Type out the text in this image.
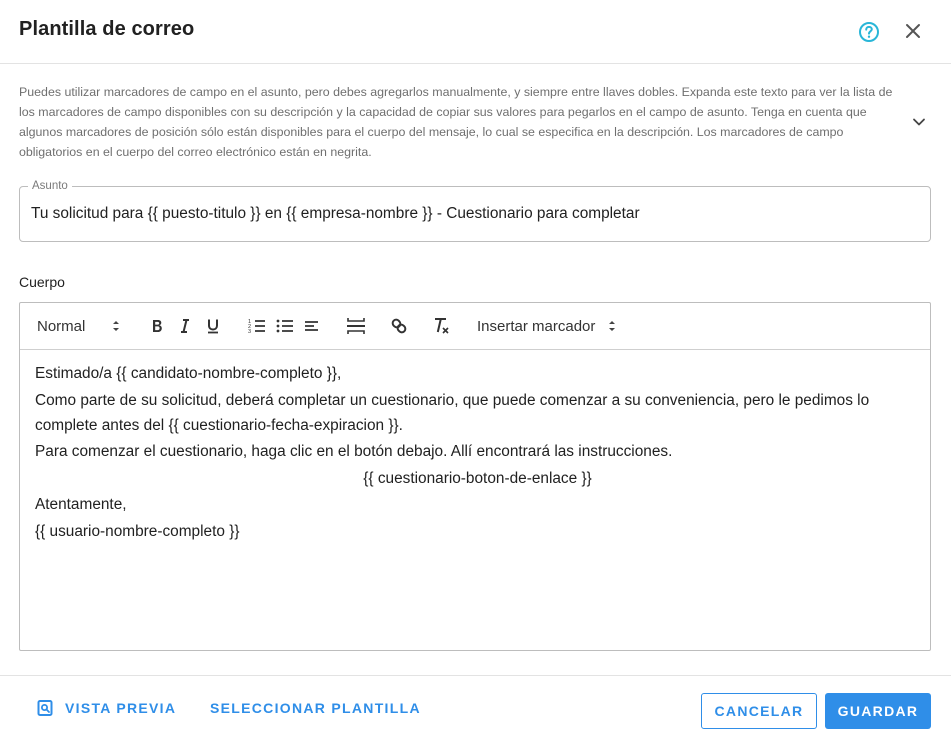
Plantilla de correo
Puedes utilizar marcadores de campo en el asunto, pero debes agregarlos manualmente, y siempre entre llaves dobles. Expanda este texto para ver la lista de los marcadores de campo disponibles con su descripción y la capacidad de copiar sus valores para pegarlos en el campo de asunto. Tenga en cuenta que algunos marcadores de posición sólo están disponibles para el cuerpo del mensaje, lo cual se especifica en la descripción. Los marcadores de campo obligatorios en el cuerpo del correo electrónico están en negrita.
Asunto
Tu solicitud para {{ puesto-titulo }} en {{ empresa-nombre }} - Cuestionario para completar
Cuerpo
Normal	1
2
3	Insertar marcador

Estimado/a {{ candidato-nombre-completo }},

Como parte de su solicitud, deberá completar un cuestionario, que puede comenzar a su conveniencia, pero le pedimos lo complete antes del {{ cuestionario-fecha-expiracion }}.

Para comenzar el cuestionario, haga clic en el botón debajo. Allí encontrará las instrucciones.

{{ cuestionario-boton-de-enlace }}

Atentamente,

{{ usuario-nombre-completo }}

VISTA PREVIA SELECCIONAR PLANTILLA	CANCELAR	GUARDAR
